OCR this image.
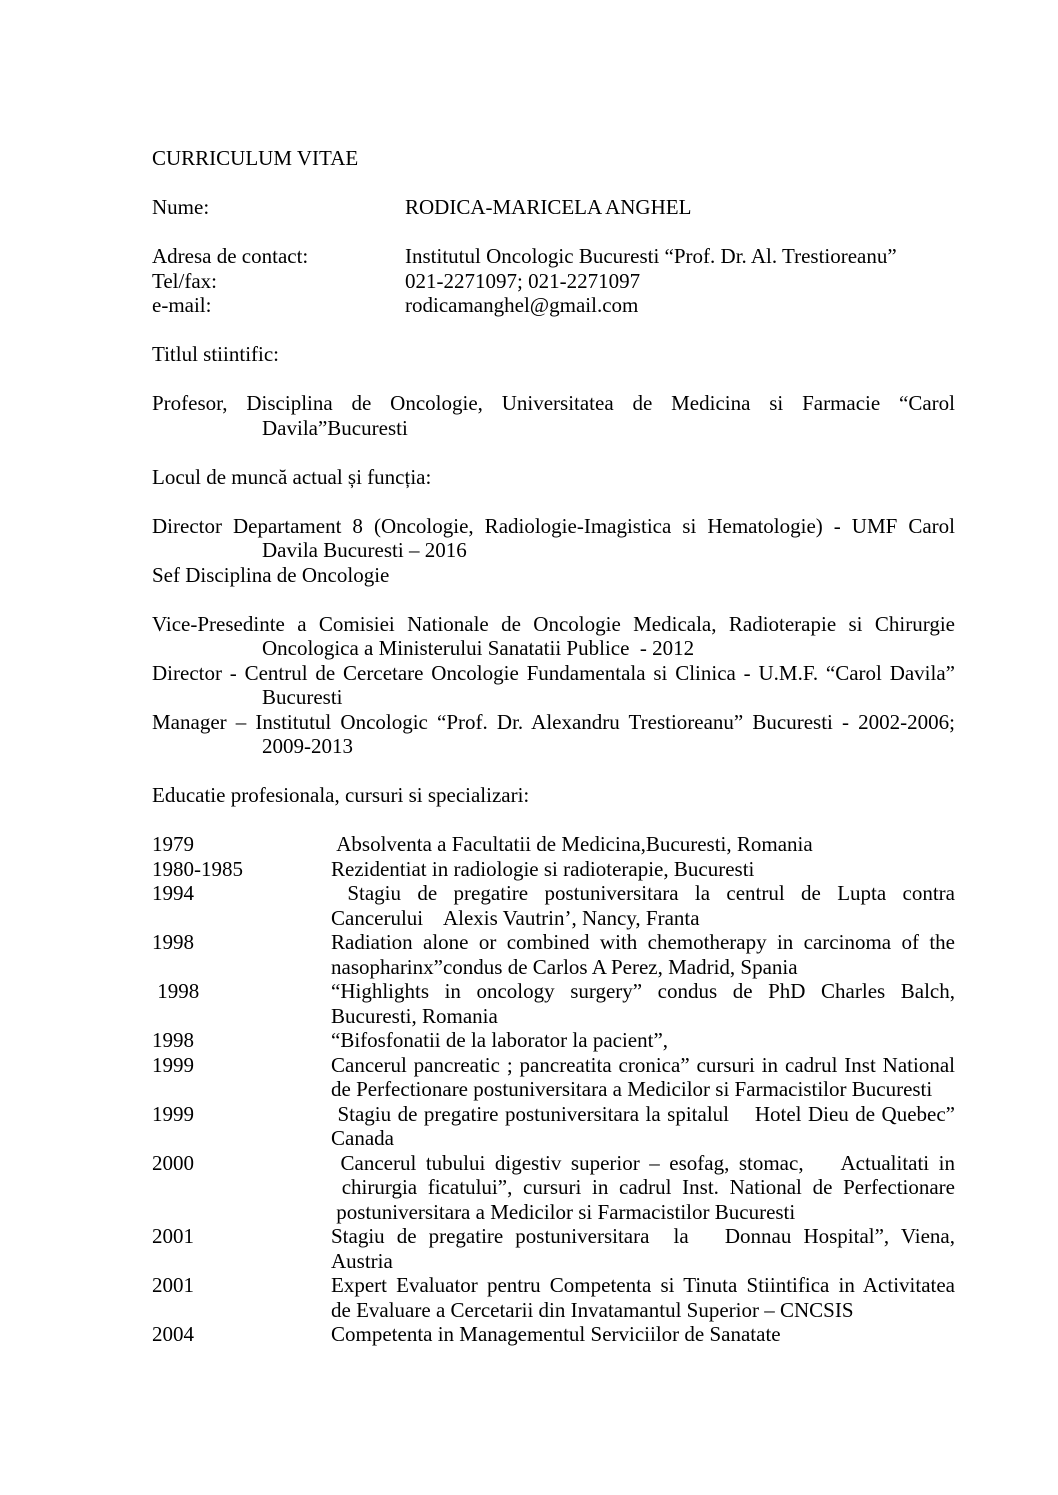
CURRICULUM VITAE
Nume:	RODICA-MARICELA ANGHEL
Adresa de contact:	Institutul Oncologic Bucuresti “Prof. Dr. Al. Trestioreanu”
Tel/fax:	021-2271097; 021-2271097
e-mail:	rodicamanghel@gmail.com
Titlul stiintific:
Profesor, Disciplina de Oncologie, Universitatea de Medicina si Farmacie “Carol
Davila”Bucuresti
Locul de muncă actual și funcția:
Director Departament 8 (Oncologie, Radiologie-Imagistica si Hematologie) - UMF Carol
Davila Bucuresti – 2016
Sef Disciplina de Oncologie
Vice-Presedinte a Comisiei Nationale de Oncologie Medicala, Radioterapie si Chirurgie
Oncologica a Ministerului Sanatatii Publice  - 2012
Director - Centrul de Cercetare Oncologie Fundamentala si Clinica - U.M.F. “Carol Davila”
Bucuresti
Manager – Institutul Oncologic “Prof. Dr. Alexandru Trestioreanu” Bucuresti - 2002-2006;
2009-2013
Educatie profesionala, cursuri si specializari:
1979	Absolventa a Facultatii de Medicina,Bucuresti, Romania
1980-1985	Rezidentiat in radiologie si radioterapie, Bucuresti
1994	Stagiu de pregatire postuniversitara la centrul de Lupta contra
Cancerului    Alexis Vautrin’, Nancy, Franta
1998	Radiation alone or combined with chemotherapy in carcinoma of the
nasopharinx”condus de Carlos A Perez, Madrid, Spania
1998	“Highlights in oncology surgery” condus de PhD Charles Balch,
Bucuresti, Romania
1998	“Bifosfonatii de la laborator la pacient”,
1999	Cancerul pancreatic ; pancreatita cronica” cursuri in cadrul Inst National
de Perfectionare postuniversitara a Medicilor si Farmacistilor Bucuresti
1999	Stagiu de pregatire postuniversitara la spitalul    Hotel Dieu de Quebec”
Canada
2000	Cancerul tubului digestiv superior – esofag, stomac,    Actualitati in
chirurgia ficatului”, cursuri in cadrul Inst. National de Perfectionare
postuniversitara a Medicilor si Farmacistilor Bucuresti
2001	Stagiu de pregatire postuniversitara  la   Donnau Hospital”, Viena,
Austria
2001	Expert Evaluator pentru Competenta si Tinuta Stiintifica in Activitatea
de Evaluare a Cercetarii din Invatamantul Superior – CNCSIS
2004	Competenta in Managementul Serviciilor de Sanatate
